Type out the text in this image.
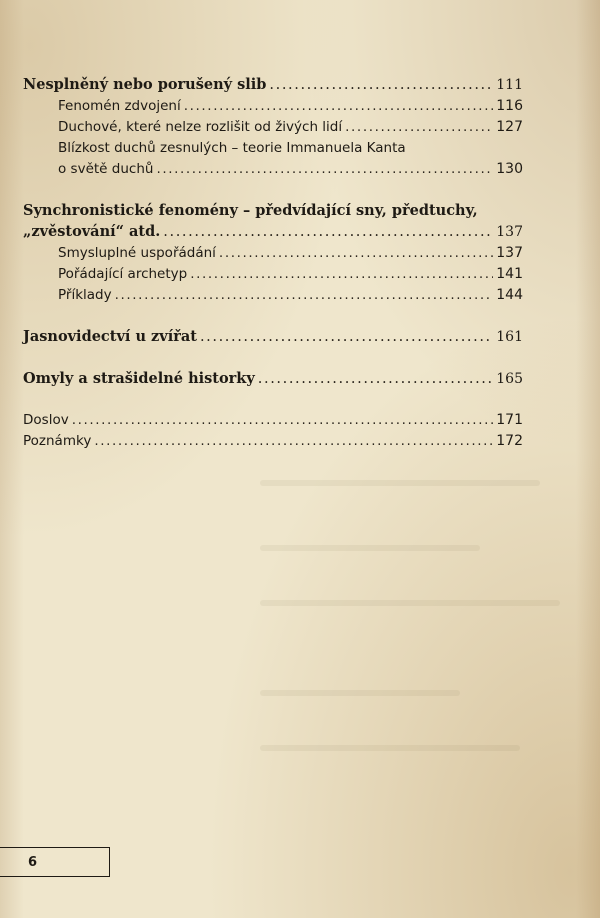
Nesplněný nebo porušený slib .....	111
Fenomén zdvojení .....	116
Duchové, které nelze rozlišit od živých lidí .....	127
Blízkost duchů zesnulých – teorie Immanuela Kanta
o světě duchů .....	130
Synchronistické fenomény – předvídající sny, předtuchy,
„zvěstování“ atd. .....	137
Smysluplné uspořádání .....	137
Pořádající archetyp .....	141
Příklady .....	144
Jasnovidectví u zvířat .....	161
Omyly a strašidelné historky .....	165
Doslov .....	171
Poznámky .....	172
6
